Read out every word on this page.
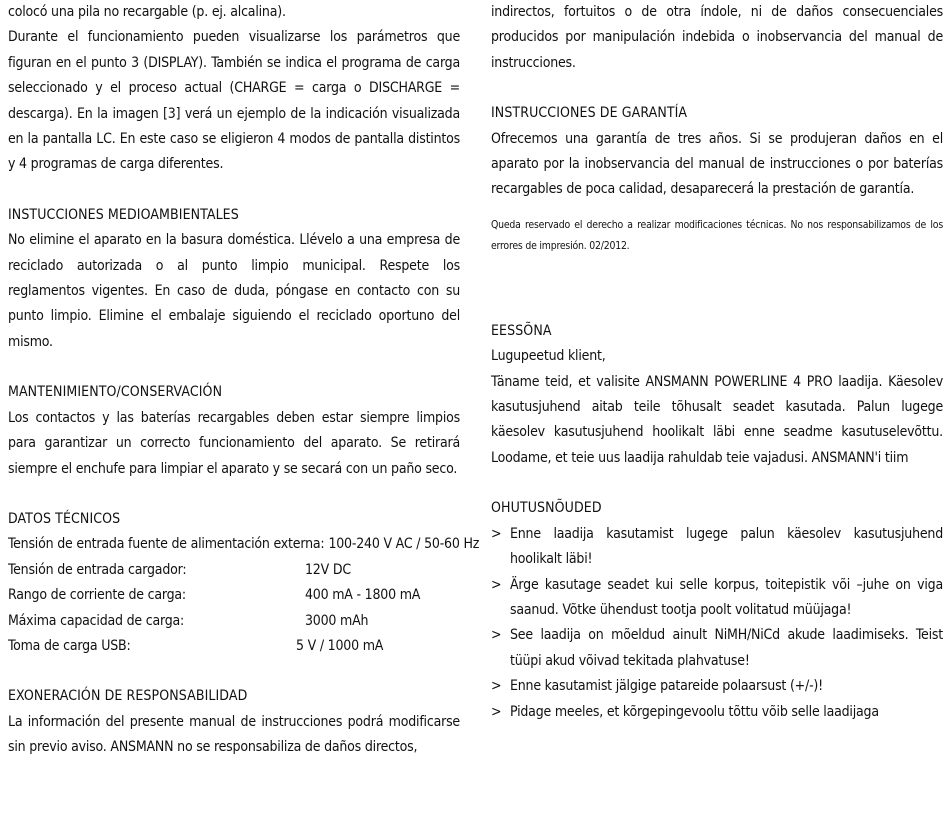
colocó una pila no recargable (p. ej. alcalina).

Durante el funcionamiento pueden visualizarse los parámetros que figuran en el punto 3 (DISPLAY). También se indica el programa de carga seleccionado y el proceso actual (CHARGE = carga o DISCHARGE = descarga). En la imagen [3] verá un ejemplo de la indicación visualizada en la pantalla LC. En este caso se eligieron 4 modos de pantalla distintos y 4 programas de carga diferentes.

INSTUCCIONES MEDIOAMBIENTALES

No elimine el aparato en la basura doméstica. Llévelo a una empresa de reciclado autorizada o al punto limpio municipal. Respete los reglamentos vigentes. En caso de duda, póngase en contacto con su punto limpio. Elimine el embalaje siguiendo el reciclado oportuno del mismo.

MANTENIMIENTO/CONSERVACIÓN

Los contactos y las baterías recargables deben estar siempre limpios para garantizar un correcto funcionamiento del aparato. Se retirará siempre el enchufe para limpiar el aparato y se secará con un paño seco.

DATOS TÉCNICOS
Tensión de entrada fuente de alimentación externa: 100-240 V AC / 50-60 Hz
Tensión de entrada cargador:	12V DC
Rango de corriente de carga:	400 mA - 1800 mA
Máxima capacidad de carga:	3000 mAh
Toma de carga USB:	5 V / 1000 mA
EXONERACIÓN DE RESPONSABILIDAD

La información del presente manual de instrucciones podrá modificarse sin previo aviso. ANSMANN no se responsabiliza de daños directos,

indirectos, fortuitos o de otra índole, ni de daños consecuenciales producidos por manipulación indebida o inobservancia del manual de instrucciones.

INSTRUCCIONES DE GARANTÍA

Ofrecemos una garantía de tres años. Si se produjeran daños en el aparato por la inobservancia del manual de instrucciones o por baterías recargables de poca calidad, desaparecerá la prestación de garantía.

Queda reservado el derecho a realizar modificaciones técnicas. No nos responsabilizamos de los errores de impresión. 02/2012.

EESSÕNA

Lugupeetud klient,

Täname teid, et valisite ANSMANN POWERLINE 4 PRO laadija. Käesolev kasutusjuhend aitab teile tõhusalt seadet kasutada. Palun lugege käesolev kasutusjuhend hoolikalt läbi enne seadme kasutuselevõttu. Loodame, et teie uus laadija rahuldab teie vajadusi. ANSMANN'i tiim

OHUTUSNÕUDED
> Enne laadija kasutamist lugege palun käesolev kasutusjuhend hoolikalt läbi!
> Ärge kasutage seadet kui selle korpus, toitepistik või –juhe on viga saanud. Võtke ühendust tootja poolt volitatud müüjaga!
> See laadija on mõeldud ainult NiMH/NiCd akude laadimiseks. Teist tüüpi akud võivad tekitada plahvatuse!
> Enne kasutamist jälgige patareide polaarsust (+/-)!
> Pidage meeles, et kõrgepingevoolu tõttu võib selle laadijaga
